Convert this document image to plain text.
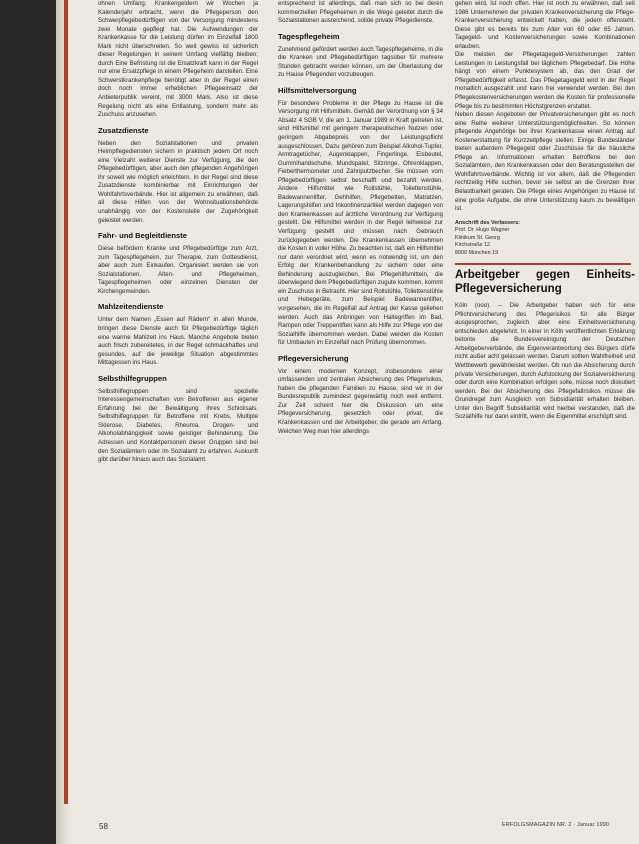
ohnen Umfang. Krankengeldern wir Wochen ja Kalenderjahr erbracht, wenn die Pflegeperson den Schwerpflegebedürftigen von der Versorgung mindestens zwei Monate gepflegt hat. Die Aufwendungen der Krankenkasse für die Leistung dürfen im Einzelfall 1800 Mark nicht überschreiten. So weit gewiss ist sicherlich dieser Regelungen in seinem Umfang vielfältig bleiben; durch Eine Befristung ist die Ersatzkraft kann in der Regel nur eine Ersatzpflege in einem Pflegeheim darstellen. Eine Schwerstkrankenpflege benötigt aber in der Regel einen doch noch immer erheblichen Pflegeeinsatz der Anbieterpublik vereint, mit 3000 Mark. Also ist diese Regelung nicht als eine Entlastung, sondern mehr als Zuschuss anzusehen.

Zusatzdienste

Neben den Sozialstationen und privaten Heimpflegediensten sichern in praktisch jedem Ort noch eine Vielzahl weiterer Dienste zur Verfügung, die den Pflegebedürftigen, aber auch den pflegenden Angehörigen ihr soweit wie möglich erleichtern. In der Regel sind diese Zusatzdienste kombinierbar mit Einrichtungen der Wohlfahrtsverbände. Hier ist allgemein zu erwähnen, daß all diese Hilfen von der Wohnsituationsbehörde unabhängig von der Kostenstelle der Zugehörigkeit geleistet werden.

Fahr- und Begleitdienste

Diese befördern Kranke und Pflegebedürftige zum Arzt, zum Tagespflegeheim, zur Therapie, zum Gottesdienst, aber auch zum Einkaufen. Organisiert werden sie von Sozialstationen, Alten- und Pflegeheimen, Tagespflegeheimen oder einzelnen Diensten der Kirchengemeinden.

Mahlzeitendienste

Unter dem Namen „Essen auf Rädern“ in allen Munde, bringen diese Dienste auch für Pflegebedürftige täglich eine warme Mahlzeit ins Haus. Manche Angebote bieten auch frisch zubereitetes, in der Regel schmackhaftes und gesundes, auf die jeweilige Situation abgestimmtes Mittagessen ins Haus.

Selbsthilfegruppen

Selbsthilfegruppen sind spezielle Interessengemeinschaften von Betroffenen aus eigener Erfahrung bei der Bewältigung ihres Schicksals. Selbsthilfegruppen für Betroffene mit Krebs, Multiple Sklerose, Diabetes, Rheuma, Drogen- und Alkoholabhängigkeit sowie geistiger Behinderung. Die Adressen und Kontaktpersonen dieser Gruppen sind bei den Sozialämtern oder im Sozialamt zu erfahren. Auskunft gibt darüber hinaus auch das Sozialamt.

entsprechend ist allerdings, daß man sich so bei deren kommerziellen Pflegeheimen in die Wege geleitet durch die Sozialstationen ausreichend, solide private Pflegedienste.

Tagespflegeheim

Zunehmend gefördert werden auch Tagespflegeheime, in die die Kranken und Pflegebedürftigen tagsüber für mehrere Stunden gebracht werden können, um der Überlastung der zu Hause Pflegenden vorzubeugen.

Hilfsmittelversorgung

Für besondere Probleme in der Pflege zu Hause ist die Versorgung mit Hilfsmitteln. Gemäß der Verordnung von § 34 Absatz 4 SGB V, die am 1. Januar 1989 in Kraft getreten ist, sind Hilfsmittel mit geringem therapeutischen Nutzen oder geringem Abgabepreis von der Leistungspflicht ausgeschlossen. Dazu gehören zum Beispiel Alkohol-Tupfer, Armtragetücher, Augenklappen, Fingerlinge, Eisbeutel, Gummihandschuhe, Mundspatel, Sitzringe, Ohrenklappen, Fieberthermometer und Zahnputzbecher. Sie müssen vom Pflegebedürftigen selbst beschafft und bezahlt werden. Andere Hilfsmittel wie Rollstühle, Toilettenstühle, Badewannenlifter, Gehhilfen, Pflegebetten, Matratzen, Lagerungshilfen und Inkontinenzartikel werden dagegen von den Krankenkassen auf ärztliche Verordnung zur Verfügung gestellt. Die Hilfsmittel werden in der Regel leihweise zur Verfügung gestellt und müssen nach Gebrauch zurückgegeben werden. Die Krankenkassen übernehmen die Kosten in voller Höhe. Zu beachten ist, daß ein Hilfsmittel nur dann verordnet wird, wenn es notwendig ist, um den Erfolg der Krankenbehandlung zu sichern oder eine Behinderung auszugleichen. Bei Pflegehilfsmitteln, die überwiegend dem Pflegebedürftigen zugute kommen, kommt ein Zuschuss in Betracht. Hier sind Rollstühle, Toilettenstühle und Hebegeräte, zum Beispiel Badewannenlifter, vorgesehen, die im Regelfall auf Antrag der Kasse geliehen werden. Auch das Anbringen von Haltegriffen im Bad, Rampen oder Treppenliften kann als Hilfe zur Pflege von der Sozialhilfe übernommen werden. Dabei werden die Kosten für Umbauten im Einzelfall nach Prüfung übernommen.

Pflegeversicherung

Vor einem modernen Konzept, insbesondere einer umfassenden und zentralen Absicherung des Pflegerisikos, haben die pflegenden Familien zu Hause, sind wir in der Bundesrepublik zumindest gegenwärtig noch weit entfernt. Zur Zeit scheint hier die Diskussion um eine Pflegeversicherung, gesetzlich oder privat, die Krankenkassen und der Arbeitgeber, die gerade am Anfang. Welchen Weg man hier allerdings

gehen wird, ist noch offen. Hier ist noch zu erwähnen, daß seit 1986 Unternehmen der privaten Krankenversicherung die Pflege-Krankenversicherung entwickelt haben, die jedem offensteht. Diese gibt es bereits bis zum Alter von 60 oder 65 Jahren. Tagegeld- und Kostenversicherungen sowie Kombinationen erlauben.

Die meisten der Pflegetagegeld-Versicherungen zahlen Leistungen in Leistungsfall bei täglichem Pflegebedarf. Die Höhe hängt von einem Punktesystem ab, das den Grad der Pflegebedürftigkeit erfasst. Das Pflegetagegeld wird in der Regel monatlich ausgezahlt und kann frei verwendet werden. Bei den Pflegekostenversicherungen werden die Kosten für professionelle Pflege bis zu bestimmten Höchstgrenzen erstattet.

Neben diesen Angeboten der Privatversicherungen gibt es noch eine Reihe weiterer Unterstützungsmöglichkeiten. So können pflegende Angehörige bei ihrer Krankenkasse einen Antrag auf Kostenerstattung für Kurzzeitpflege stellen. Einige Bundesländer bieten außerdem Pflegegeld oder Zuschüsse für die häusliche Pflege an. Informationen erhalten Betroffene bei den Sozialämtern, den Krankenkassen oder den Beratungsstellen der Wohlfahrtsverbände. Wichtig ist vor allem, daß die Pflegenden rechtzeitig Hilfe suchen, bevor sie selbst an die Grenzen ihrer Belastbarkeit geraten. Die Pflege eines Angehörigen zu Hause ist eine große Aufgabe, die ohne Unterstützung kaum zu bewältigen ist.

Anschrift des Verfassers:

Prof. Dr. Hugo Wagner

Klinikum St. Georg

Kirchstraße 12

8000 München 19

Arbeitgeber gegen Einheits-Pflegeversicherung

Köln (ooo). – Die Arbeitgeber haben sich für eine Pflichtversicherung des Pflegerisikos für alle Bürger ausgesprochen, zugleich aber eine Einheitsversicherung entschieden abgelehnt. In einer in Köln veröffentlichten Erklärung betonte die Bundesvereinigung der Deutschen Arbeitgeberverbände, die Eigenverantwortung des Bürgers dürfe nicht außer acht gelassen werden. Darum sollten Wahlfreiheit und Wettbewerb gewährleistet werden. Ob nun die Absicherung durch private Versicherungen, durch Aufstockung der Sozialversicherung oder durch eine Kombination erfolgen solle, müsse noch diskutiert werden. Bei der Absicherung des Pflegefallrisikos müsse die Grundregel zum Ausgleich von Subsidiarität erhalten bleiben. Unter den Begriff Subsidiarität wird hierbei verstanden, daß die Sozialhilfe nur dann eintritt, wenn die Eigenmittel erschöpft sind.

58	ERFOLGSMAGAZIN NR. 2 · Januar 1990
